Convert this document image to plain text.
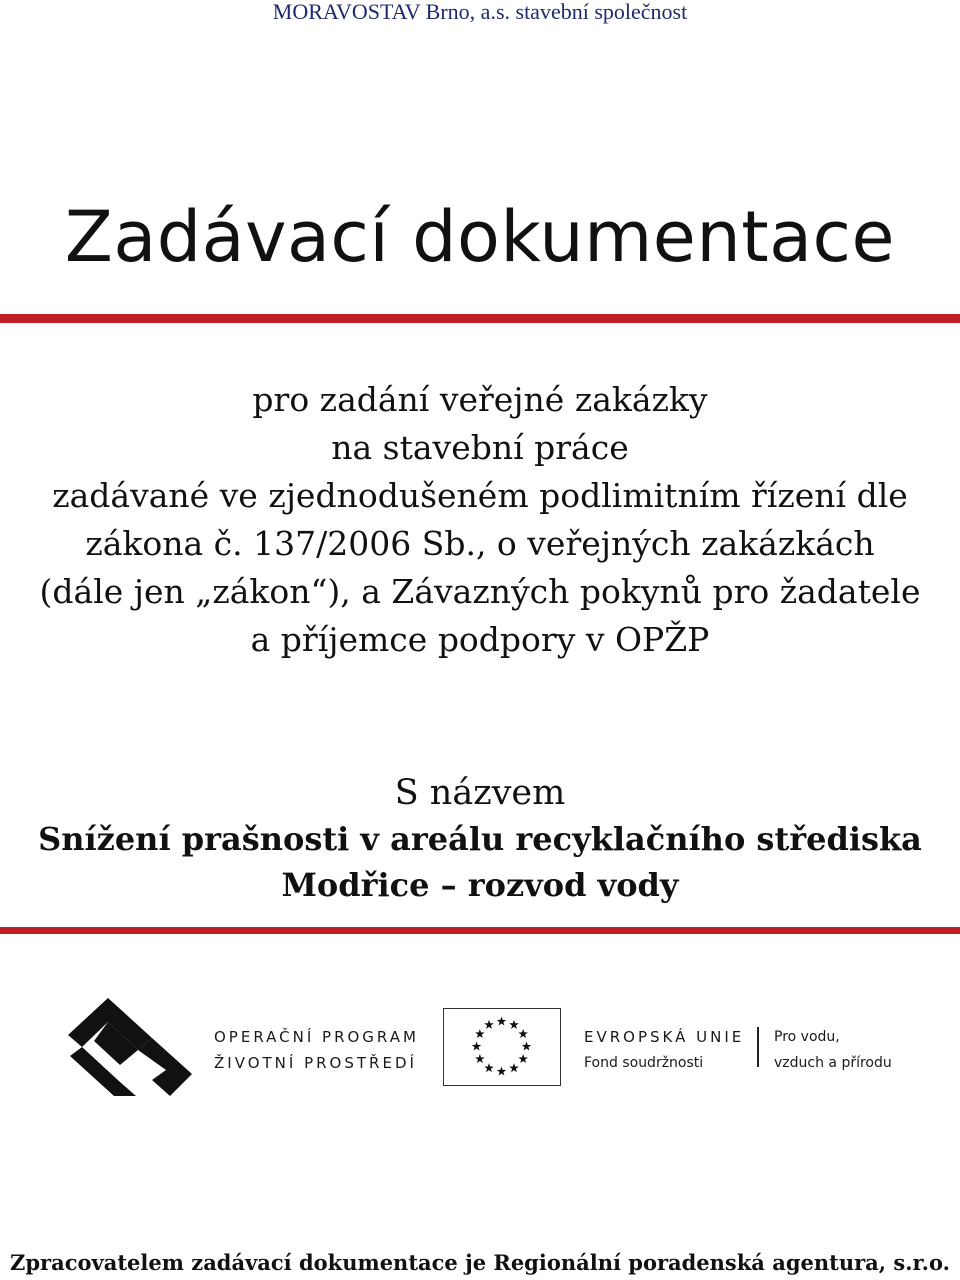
MORAVOSTAV Brno, a.s. stavební společnost
Zadávací dokumentace
pro zadání veřejné zakázky
na stavební práce
zadávané ve zjednodušeném podlimitním řízení dle
zákona č. 137/2006 Sb., o veřejných zakázkách
(dále jen „zákon“), a Závazných pokynů pro žadatele
a příjemce podpory v OPŽP
S názvem
Snížení prašnosti v areálu recyklačního střediska
Modřice – rozvod vody
OPERAČNÍ PROGRAM
ŽIVOTNÍ PROSTŘEDÍ
EVROPSKÁ UNIE
Fond soudržnosti
Pro vodu,
vzduch a přírodu
Zpracovatelem zadávací dokumentace je Regionální poradenská agentura, s.r.o.
